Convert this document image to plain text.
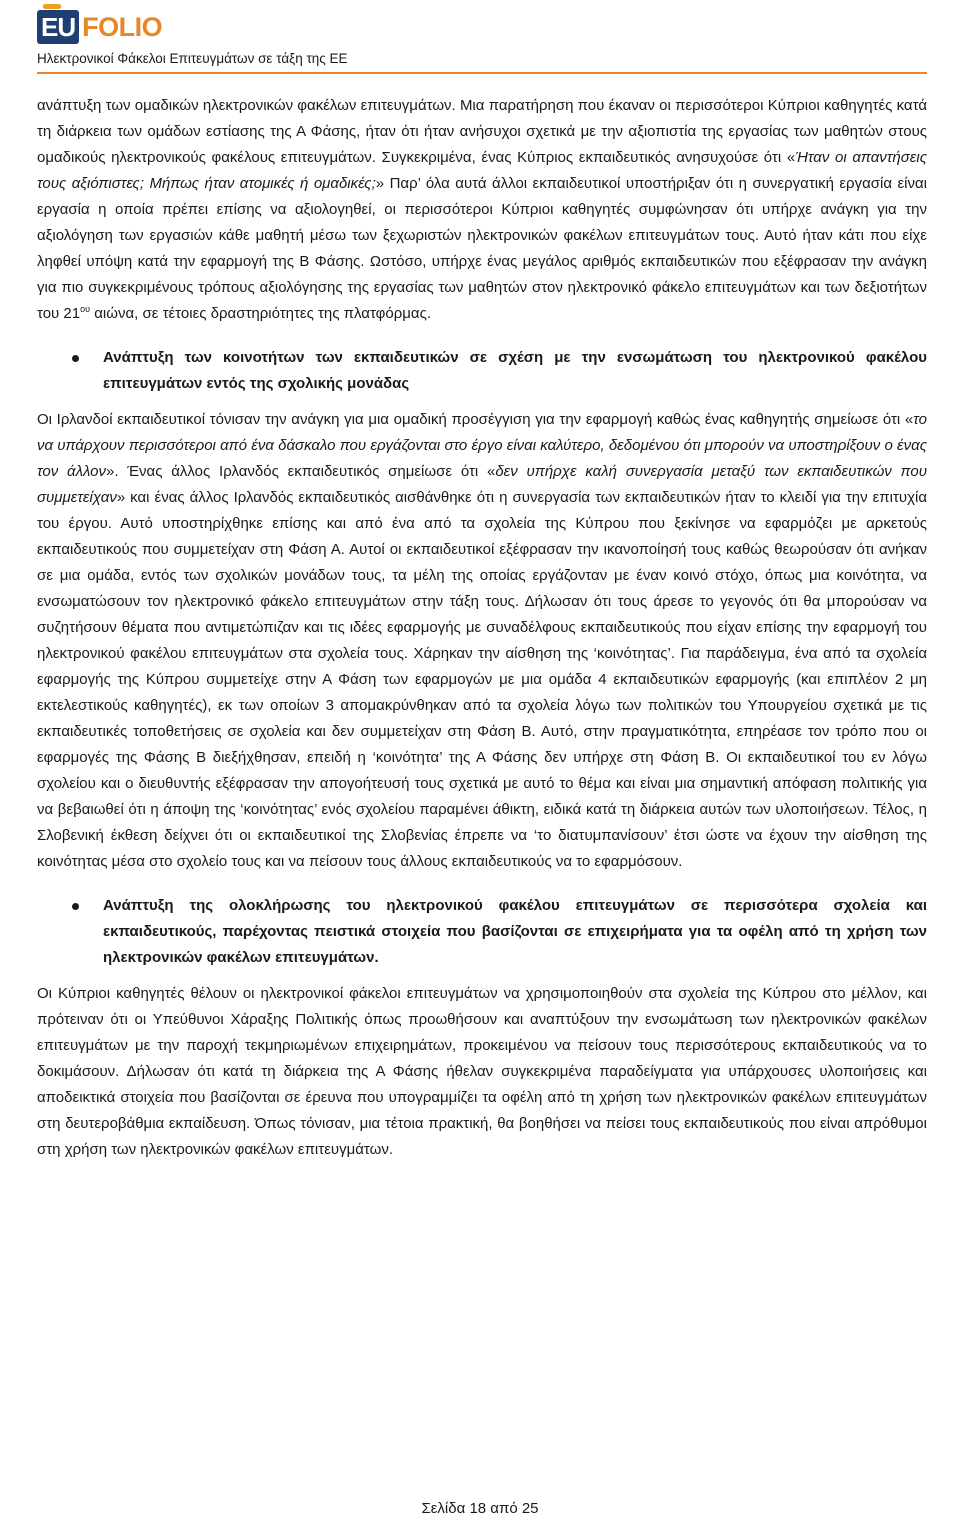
EU FOLIO
Ηλεκτρονικοί Φάκελοι Επιτευγμάτων σε τάξη της ΕΕ

ανάπτυξη των ομαδικών ηλεκτρονικών φακέλων επιτευγμάτων. Μια παρατήρηση που έκαναν οι περισσότεροι Κύπριοι καθηγητές κατά τη διάρκεια των ομάδων εστίασης της Α Φάσης, ήταν ότι ήταν ανήσυχοι σχετικά με την αξιοπιστία της εργασίας των μαθητών στους ομαδικούς ηλεκτρονικούς φακέλους επιτευγμάτων. Συγκεκριμένα, ένας Κύπριος εκπαιδευτικός ανησυχούσε ότι «Ήταν οι απαντήσεις τους αξιόπιστες; Μήπως ήταν ατομικές ή ομαδικές;» Παρ’ όλα αυτά άλλοι εκπαιδευτικοί υποστήριξαν ότι η συνεργατική εργασία είναι εργασία η οποία πρέπει επίσης να αξιολογηθεί, οι περισσότεροι Κύπριοι καθηγητές συμφώνησαν ότι υπήρχε ανάγκη για την αξιολόγηση των εργασιών κάθε μαθητή μέσω των ξεχωριστών ηλεκτρονικών φακέλων επιτευγμάτων τους. Αυτό ήταν κάτι που είχε ληφθεί υπόψη κατά την εφαρμογή της Β Φάσης. Ωστόσο, υπήρχε ένας μεγάλος αριθμός εκπαιδευτικών που εξέφρασαν την ανάγκη για πιο συγκεκριμένους τρόπους αξιολόγησης της εργασίας των μαθητών στον ηλεκτρονικό φάκελο επιτευγμάτων και των δεξιοτήτων του $21^{o\upsilon}$ αιώνα, σε τέτοιες δραστηριότητες της πλατφόρμας.

Ανάπτυξη των κοινοτήτων των εκπαιδευτικών σε σχέση με την ενσωμάτωση του ηλεκτρονικού φακέλου επιτευγμάτων εντός της σχολικής μονάδας

Οι Ιρλανδοί εκπαιδευτικοί τόνισαν την ανάγκη για μια ομαδική προσέγγιση για την εφαρμογή καθώς ένας καθηγητής σημείωσε ότι «το να υπάρχουν περισσότεροι από ένα δάσκαλο που εργάζονται στο έργο είναι καλύτερο, δεδομένου ότι μπορούν να υποστηρίξουν ο ένας τον άλλον». Ένας άλλος Ιρλανδός εκπαιδευτικός σημείωσε ότι «δεν υπήρχε καλή συνεργασία μεταξύ των εκπαιδευτικών που συμμετείχαν» και ένας άλλος Ιρλανδός εκπαιδευτικός αισθάνθηκε ότι η συνεργασία των εκπαιδευτικών ήταν το κλειδί για την επιτυχία του έργου. Αυτό υποστηρίχθηκε επίσης και από ένα από τα σχολεία της Κύπρου που ξεκίνησε να εφαρμόζει με αρκετούς εκπαιδευτικούς που συμμετείχαν στη Φάση Α. Αυτοί οι εκπαιδευτικοί εξέφρασαν την ικανοποίησή τους καθώς θεωρούσαν ότι ανήκαν σε μια ομάδα, εντός των σχολικών μονάδων τους, τα μέλη της οποίας εργάζονταν με έναν κοινό στόχο, όπως μια κοινότητα, να ενσωματώσουν τον ηλεκτρονικό φάκελο επιτευγμάτων στην τάξη τους. Δήλωσαν ότι τους άρεσε το γεγονός ότι θα μπορούσαν να συζητήσουν θέματα που αντιμετώπιζαν και τις ιδέες εφαρμογής με συναδέλφους εκπαιδευτικούς που είχαν επίσης την εφαρμογή του ηλεκτρονικού φακέλου επιτευγμάτων στα σχολεία τους. Χάρηκαν την αίσθηση της ‘κοινότητας’. Για παράδειγμα, ένα από τα σχολεία εφαρμογής της Κύπρου συμμετείχε στην Α Φάση των εφαρμογών με μια ομάδα 4 εκπαιδευτικών εφαρμογής (και επιπλέον 2 μη εκτελεστικούς καθηγητές), εκ των οποίων 3 απομακρύνθηκαν από τα σχολεία λόγω των πολιτικών του Υπουργείου σχετικά με τις εκπαιδευτικές τοποθετήσεις σε σχολεία και δεν συμμετείχαν στη Φάση Β. Αυτό, στην πραγματικότητα, επηρέασε τον τρόπο που οι εφαρμογές της Φάσης Β διεξήχθησαν, επειδή η ‘κοινότητα’ της Α Φάσης δεν υπήρχε στη Φάση Β. Οι εκπαιδευτικοί του εν λόγω σχολείου και ο διευθυντής εξέφρασαν την απογοήτευσή τους σχετικά με αυτό το θέμα και είναι μια σημαντική απόφαση πολιτικής για να βεβαιωθεί ότι η άποψη της ‘κοινότητας’ ενός σχολείου παραμένει άθικτη, ειδικά κατά τη διάρκεια αυτών των υλοποιήσεων. Τέλος, η Σλοβενική έκθεση δείχνει ότι οι εκπαιδευτικοί της Σλοβενίας έπρεπε να ‘το διατυμπανίσουν’ έτσι ώστε να έχουν την αίσθηση της κοινότητας μέσα στο σχολείο τους και να πείσουν τους άλλους εκπαιδευτικούς να το εφαρμόσουν.

Ανάπτυξη της ολοκλήρωσης του ηλεκτρονικού φακέλου επιτευγμάτων σε περισσότερα σχολεία και εκπαιδευτικούς, παρέχοντας πειστικά στοιχεία που βασίζονται σε επιχειρήματα για τα οφέλη από τη χρήση των ηλεκτρονικών φακέλων επιτευγμάτων.

Οι Κύπριοι καθηγητές θέλουν οι ηλεκτρονικοί φάκελοι επιτευγμάτων να χρησιμοποιηθούν στα σχολεία της Κύπρου στο μέλλον, και πρότειναν ότι οι Υπεύθυνοι Χάραξης Πολιτικής όπως προωθήσουν και αναπτύξουν την ενσωμάτωση των ηλεκτρονικών φακέλων επιτευγμάτων με την παροχή τεκμηριωμένων επιχειρημάτων, προκειμένου να πείσουν τους περισσότερους εκπαιδευτικούς να το δοκιμάσουν. Δήλωσαν ότι κατά τη διάρκεια της Α Φάσης ήθελαν συγκεκριμένα παραδείγματα για υπάρχουσες υλοποιήσεις και αποδεικτικά στοιχεία που βασίζονται σε έρευνα που υπογραμμίζει τα οφέλη από τη χρήση των ηλεκτρονικών φακέλων επιτευγμάτων στη δευτεροβάθμια εκπαίδευση. Όπως τόνισαν, μια τέτοια πρακτική, θα βοηθήσει να πείσει τους εκπαιδευτικούς που είναι απρόθυμοι στη χρήση των ηλεκτρονικών φακέλων επιτευγμάτων.

Σελίδα 18 από 25
